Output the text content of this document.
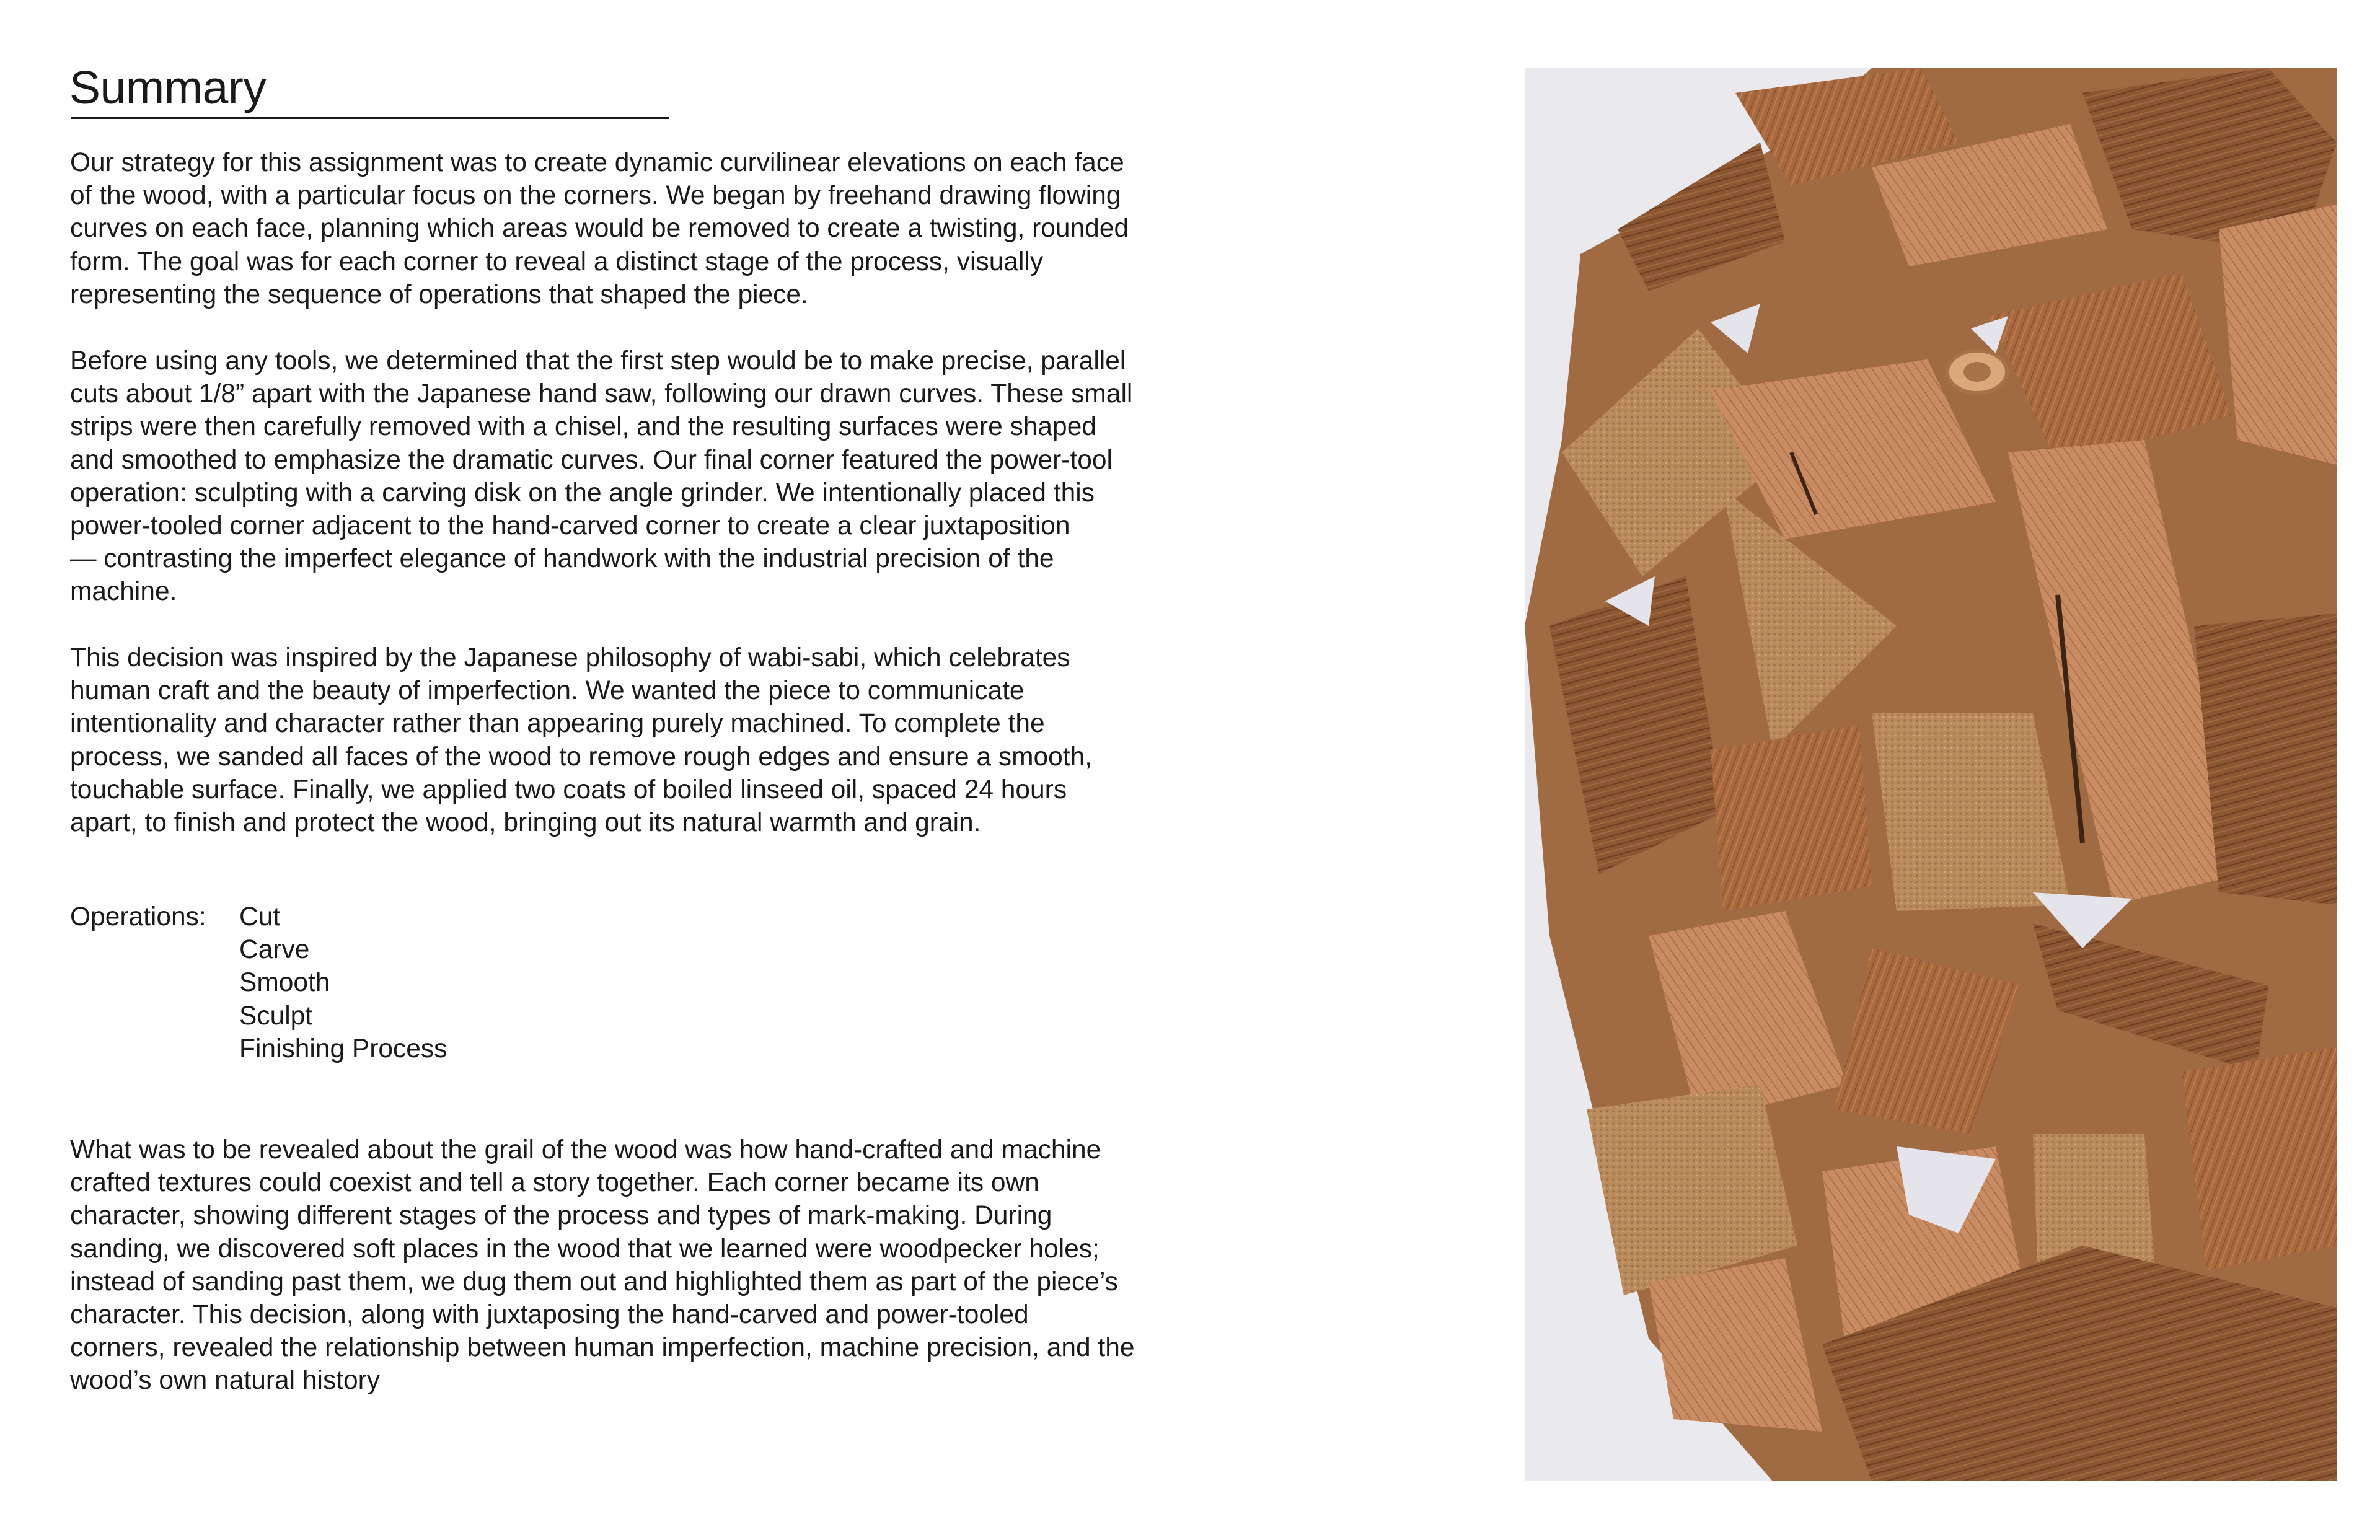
Summary

Our strategy for this assignment was to create dynamic curvilinear elevations on each face
of the wood, with a particular focus on the corners. We began by freehand drawing flowing
curves on each face, planning which areas would be removed to create a twisting, rounded
form. The goal was for each corner to reveal a distinct stage of the process, visually
representing the sequence of operations that shaped the piece.

Before using any tools, we determined that the first step would be to make precise, parallel
cuts about 1/8” apart with the Japanese hand saw, following our drawn curves. These small
strips were then carefully removed with a chisel, and the resulting surfaces were shaped
and smoothed to emphasize the dramatic curves. Our final corner featured the power-tool
operation: sculpting with a carving disk on the angle grinder. We intentionally placed this
power-tooled corner adjacent to the hand-carved corner to create a clear juxtaposition
— contrasting the imperfect elegance of handwork with the industrial precision of the
machine.

This decision was inspired by the Japanese philosophy of wabi-sabi, which celebrates
human craft and the beauty of imperfection. We wanted the piece to communicate
intentionality and character rather than appearing purely machined. To complete the
process, we sanded all faces of the wood to remove rough edges and ensure a smooth,
touchable surface. Finally, we applied two coats of boiled linseed oil, spaced 24 hours
apart, to finish and protect the wood, bringing out its natural warmth and grain.

Operations:	Cut
Carve
Smooth
Sculpt
Finishing Process

What was to be revealed about the grail of the wood was how hand-crafted and machine
crafted textures could coexist and tell a story together. Each corner became its own
character, showing different stages of the process and types of mark-making. During
sanding, we discovered soft places in the wood that we learned were woodpecker holes;
instead of sanding past them, we dug them out and highlighted them as part of the piece’s
character. This decision, along with juxtaposing the hand-carved and power-tooled
corners, revealed the relationship between human imperfection, machine precision, and the
wood’s own natural history
